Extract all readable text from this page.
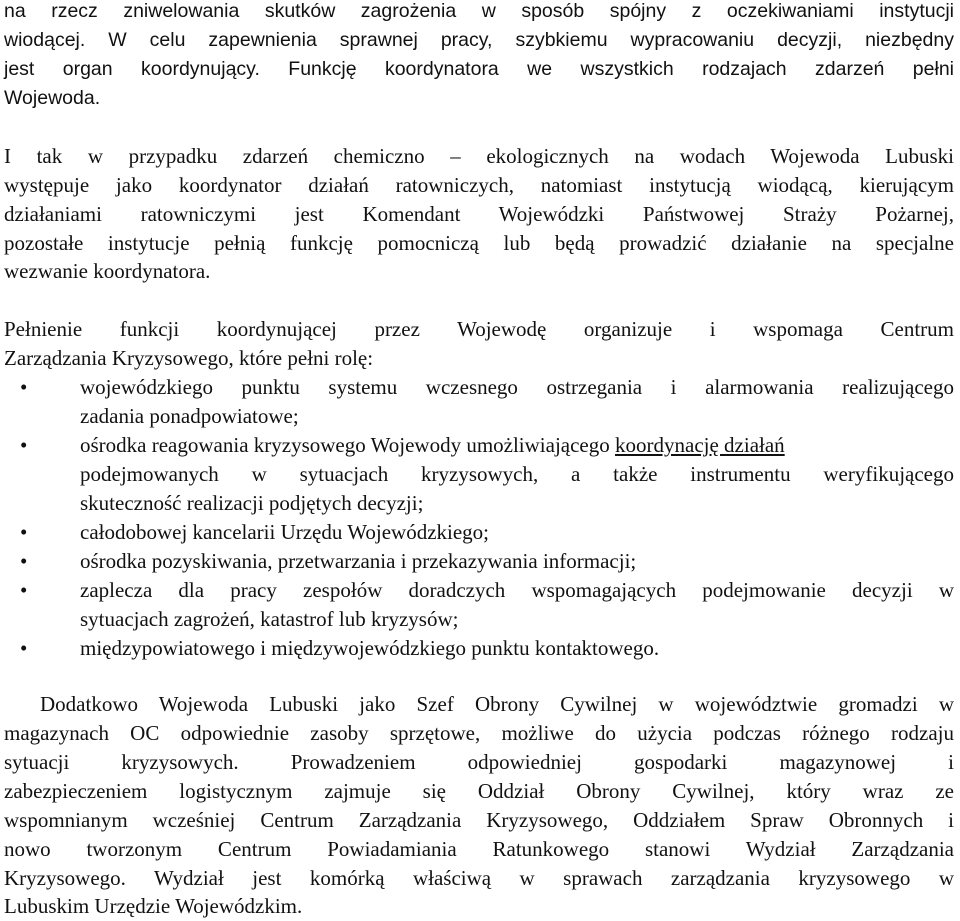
na rzecz zniwelowania skutków zagrożenia w sposób spójny z oczekiwaniami instytucji
wiodącej. W celu zapewnienia sprawnej pracy, szybkiemu wypracowaniu decyzji, niezbędny
jest organ koordynujący. Funkcję koordynatora we wszystkich rodzajach zdarzeń pełni
Wojewoda.
I tak w przypadku zdarzeń chemiczno – ekologicznych na wodach Wojewoda Lubuski
występuje jako koordynator działań ratowniczych, natomiast instytucją wiodącą, kierującym
działaniami ratowniczymi jest Komendant Wojewódzki Państwowej Straży Pożarnej,
pozostałe instytucje pełnią funkcję pomocniczą lub będą prowadzić działanie na specjalne
wezwanie koordynatora.
Pełnienie funkcji koordynującej przez Wojewodę organizuje i wspomaga Centrum
Zarządzania Kryzysowego, które pełni rolę:
•	wojewódzkiego punktu systemu wczesnego ostrzegania i alarmowania realizującego
zadania ponadpowiatowe;
•	ośrodka reagowania kryzysowego Wojewody umożliwiającego koordynację działań
podejmowanych w sytuacjach kryzysowych, a także instrumentu weryfikującego
skuteczność realizacji podjętych decyzji;
•	całodobowej kancelarii Urzędu Wojewódzkiego;
•	ośrodka pozyskiwania, przetwarzania i przekazywania informacji;
•	zaplecza dla pracy zespołów doradczych wspomagających podejmowanie decyzji w
sytuacjach zagrożeń, katastrof lub kryzysów;
•	międzypowiatowego i międzywojewódzkiego punktu kontaktowego.
Dodatkowo Wojewoda Lubuski jako Szef Obrony Cywilnej w województwie gromadzi w
magazynach OC odpowiednie zasoby sprzętowe, możliwe do użycia podczas różnego rodzaju
sytuacji kryzysowych. Prowadzeniem odpowiedniej gospodarki magazynowej i
zabezpieczeniem logistycznym zajmuje się Oddział Obrony Cywilnej, który wraz ze
wspomnianym wcześniej Centrum Zarządzania Kryzysowego, Oddziałem Spraw Obronnych i
nowo tworzonym Centrum Powiadamiania Ratunkowego stanowi Wydział Zarządzania
Kryzysowego. Wydział jest komórką właściwą w sprawach zarządzania kryzysowego w
Lubuskim Urzędzie Wojewódzkim.
